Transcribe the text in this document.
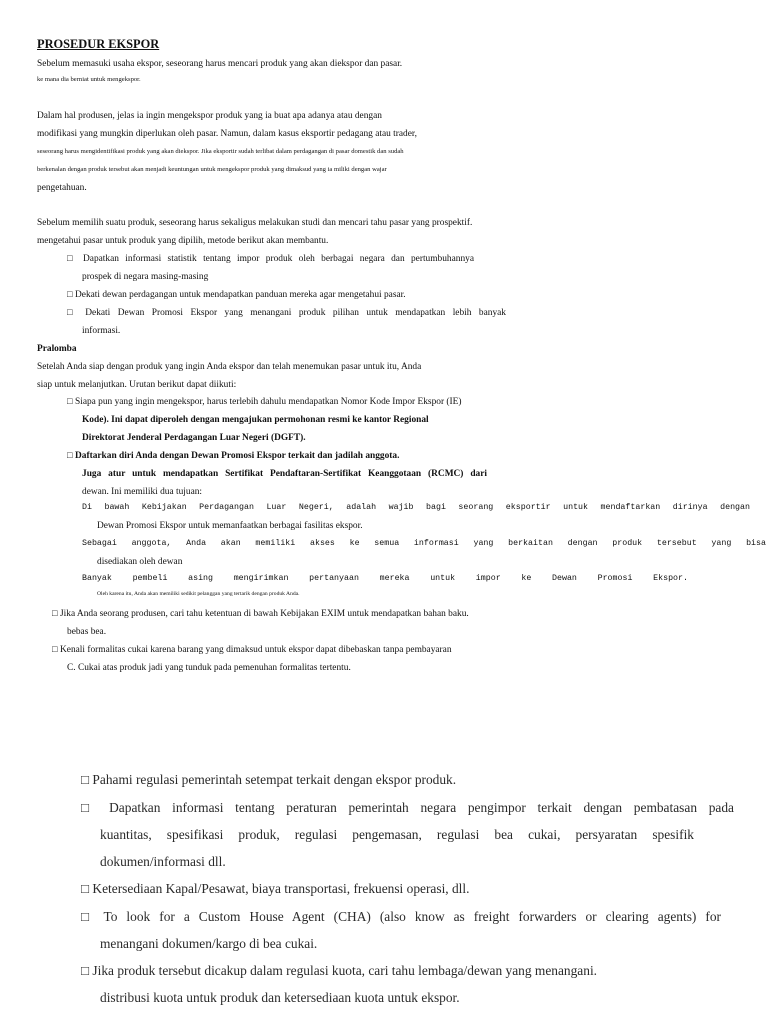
PROSEDUR EKSPOR

Sebelum memasuki usaha ekspor, seseorang harus mencari produk yang akan diekspor dan pasar.

ke mana dia berniat untuk mengekspor.

Dalam hal produsen, jelas ia ingin mengekspor produk yang ia buat apa adanya atau dengan

modifikasi yang mungkin diperlukan oleh pasar. Namun, dalam kasus eksportir pedagang atau trader,

seseorang harus mengidentifikasi produk yang akan diekspor. Jika eksportir sudah terlibat dalam perdagangan di pasar domestik dan sudah

berkenalan dengan produk tersebut akan menjadi keuntungan untuk mengekspor produk yang dimaksud yang ia miliki dengan wajar

pengetahuan.

Sebelum memilih suatu produk, seseorang harus sekaligus melakukan studi dan mencari tahu pasar yang prospektif.

mengetahui pasar untuk produk yang dipilih, metode berikut akan membantu.

□ Dapatkan informasi statistik tentang impor produk oleh berbagai negara dan pertumbuhannya

prospek di negara masing-masing

□ Dekati dewan perdagangan untuk mendapatkan panduan mereka agar mengetahui pasar.

□ Dekati Dewan Promosi Ekspor yang menangani produk pilihan untuk mendapatkan lebih banyak

informasi.

Pralomba

Setelah Anda siap dengan produk yang ingin Anda ekspor dan telah menemukan pasar untuk itu, Anda

siap untuk melanjutkan. Urutan berikut dapat diikuti:

□ Siapa pun yang ingin mengekspor, harus terlebih dahulu mendapatkan Nomor Kode Impor Ekspor (IE)

Kode). Ini dapat diperoleh dengan mengajukan permohonan resmi ke kantor Regional

Direktorat Jenderal Perdagangan Luar Negeri (DGFT).

□ Daftarkan diri Anda dengan Dewan Promosi Ekspor terkait dan jadilah anggota.

Juga atur untuk mendapatkan Sertifikat Pendaftaran-Sertifikat Keanggotaan (RCMC) dari

dewan. Ini memiliki dua tujuan:

Di bawah Kebijakan Perdagangan Luar Negeri, adalah wajib bagi seorang eksportir untuk mendaftarkan dirinya dengan

Dewan Promosi Ekspor untuk memanfaatkan berbagai fasilitas ekspor.

Sebagai anggota, Anda akan memiliki akses ke semua informasi yang berkaitan dengan produk tersebut yang bisa

disediakan oleh dewan

Banyak pembeli asing mengirimkan pertanyaan mereka untuk impor ke Dewan Promosi Ekspor.

Oleh karena itu, Anda akan memiliki sedikit pelanggan yang tertarik dengan produk Anda.

□ Jika Anda seorang produsen, cari tahu ketentuan di bawah Kebijakan EXIM untuk mendapatkan bahan baku.

bebas bea.

□ Kenali formalitas cukai karena barang yang dimaksud untuk ekspor dapat dibebaskan tanpa pembayaran

C. Cukai atas produk jadi yang tunduk pada pemenuhan formalitas tertentu.

□ Pahami regulasi pemerintah setempat terkait dengan ekspor produk.

□ Dapatkan informasi tentang peraturan pemerintah negara pengimpor terkait dengan pembatasan pada

kuantitas, spesifikasi produk, regulasi pengemasan, regulasi bea cukai, persyaratan spesifik

dokumen/informasi dll.

□ Ketersediaan Kapal/Pesawat, biaya transportasi, frekuensi operasi, dll.

□ To look for a Custom House Agent (CHA) (also know as freight forwarders or clearing agents) for

menangani dokumen/kargo di bea cukai.

□ Jika produk tersebut dicakup dalam regulasi kuota, cari tahu lembaga/dewan yang menangani.

distribusi kuota untuk produk dan ketersediaan kuota untuk ekspor.
